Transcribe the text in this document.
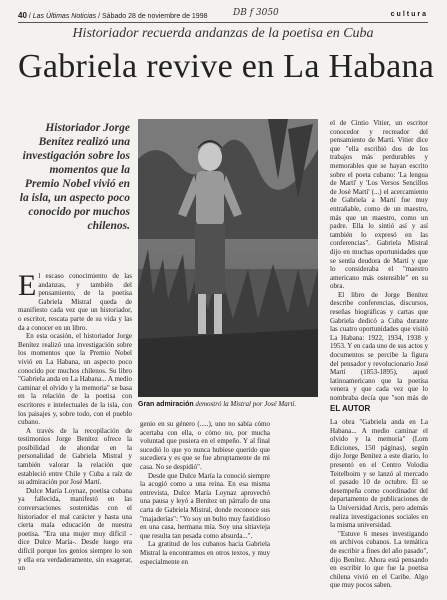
40 / Las Últimas Noticias / Sábado 28 de noviembre de 1998	DB f 3050	cultura
Historiador recuerda andanzas de la poetisa en Cuba
Gabriela revive en La Habana
Historiador Jorge Benítez realizó una investigación sobre los momentos que la Premio Nobel vivió en la isla, un aspecto poco conocido por muchos chilenos.
Gran admiración demostró la Mistral por José Martí.

El escaso conocimiento de las andanzas, y también del pensamiento, de la poetisa Gabriela Mistral queda de manifiesto cada vez que un historiador, o escritor, rescata parte de su vida y las da a conocer en un libro.

En esta ocasión, el historiador Jorge Benítez realizó una investigación sobre los momentos que la Premio Nobel vivió en La Habana, un aspecto poco conocido por muchos chilenos. Su libro "Gabriela anda en La Habana... A medio caminar el olvido y la memoria" se basa en la relación de la poetisa con escritores e intelectuales de la isla, con los paisajes y, sobre todo, con el pueblo cubano.

A través de la recopilación de testimonios Jorge Benítez ofrece la posibilidad de ahondar en la personalidad de Gabriela Mistral y también valorar la relación que estableció entre Chile y Cuba a raíz de su admiración por José Martí.

Dulce María Loynaz, poetisa cubana ya fallecida, manifestó en las conversaciones sostenidas con el historiador el mal carácter y hasta una cierta mala educación de nuestra poetisa. "Era una mujer muy difícil -dice Dulce María-. Desde luego era difícil porque los genios siempre lo son y ella era verdaderamente, sin exagerar, un

genio en su género (.....), uno no sabía cómo acertaba con ella, o cómo no, por mucha voluntad que pusiera en el empeño. Y al final sucedió lo que yo nunca hubiese querido que sucediera y es que se fue abruptamente de mi casa. No se despidió".

Desde que Dulce María la conoció siempre la acogió como a una reina. En esa misma entrevista, Dulce María Loynaz aprovechó una pausa y leyó a Benítez un párrafo de una carta de Gabriela Mistral, donde reconoce sus "majaderías": "Yo soy un bulto muy fastidioso en una casa, hermana mía. Soy una sitiavieja que resulta tan pesada como absurda...".

La gratitud de los cubanos hacia Gabriela Mistral la encontramos en otros textos, y muy especialmente en

el de Cintio Vitier, un escritor conocedor y recreador del pensamiento de Martí. Vitier dice que "ella escribió dos de los trabajos más perdurables y memorables que se hayan escrito sobre el poeta cubano: 'La lengua de Martí' y 'Los Versos Sencillos de José Martí' (...) el acercamiento de Gabriela a Martí fue muy entrañable, como de un maestro, más que un maestro, como un padre. Ella lo sintió así y así también lo expresó en las conferencias". Gabriela Mistral dijo en muchas oportunidades que se sentía deudora de Martí y que lo consideraba el "maestro americano más ostensible" en su obra.

El libro de Jorge Benítez describe conferencias, discursos, reseñas biográficas y cartas que Gabriela dedicó a Cuba durante las cuatro oportunidades que visitó La Habana: 1922, 1934, 1938 y 1953. Y en cada uno de sus actos y documentos se percibe la figura del pensador y revolucionario José Martí (1853-1895), aquel latinoamericano que la poetisa venera y que cada vez que lo nombraba decía que "son más de

EL AUTOR

La obra "Gabriela anda en La Habana... A medio caminar el olvido y la memoria" (Lom Ediciones, 150 páginas), según dijo Jorge Benítez a este diario, lo presentó en el Centro Volodia Teitelboim y se lanzó al mercado el pasado 10 de octubre. Él se desempeña como coordinador del departamento de publicaciones de la Universidad Arcis, pero además realiza investigaciones sociales en la misma universidad.

"Estuve 6 meses investigando en archivos cubanos. La temática de escribir a fines del año pasado", dijo Benítez. Ahora está pensando en escribir lo que fue la poetisa chilena vivió en el Caribe. Algo que muy pocos saben.
